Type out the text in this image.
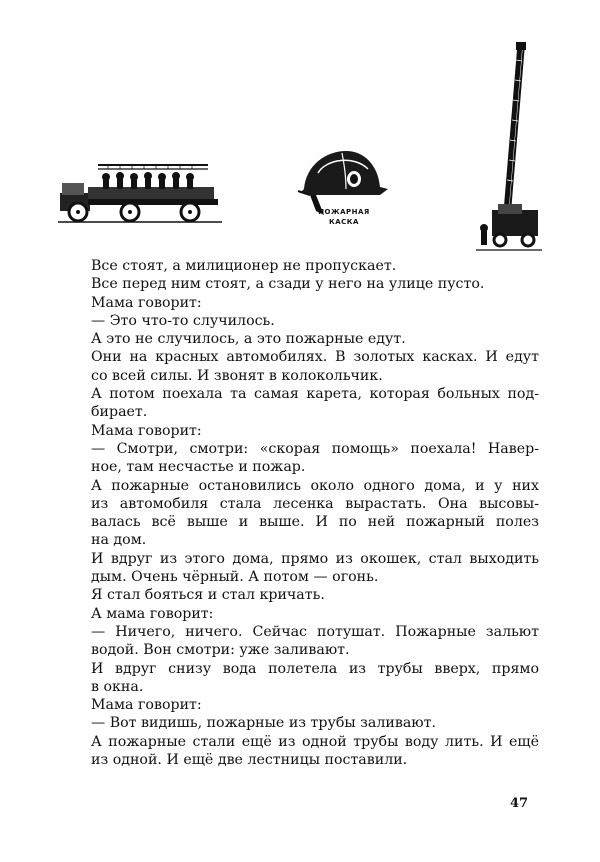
ПОЖАРНАЯ
КАСКА
Все стоят, а милиционер не пропускает.
Все перед ним стоят, а сзади у него на улице пусто.
Мама говорит:
— Это что-то случилось.
А это не случилось, а это пожарные едут.
Они на красных автомобилях. В золотых касках. И едут
со всей силы. И звонят в колокольчик.
А потом поехала та самая карета, которая больных под-
бирает.
Мама говорит:
— Смотри, смотри: «скорая помощь» поехала! Навер-
ное, там несчастье и пожар.
А пожарные остановились около одного дома, и у них
из автомобиля стала лесенка вырастать. Она высовы-
валась всё выше и выше. И по ней пожарный полез
на дом.
И вдруг из этого дома, прямо из окошек, стал выходить
дым. Очень чёрный. А потом — огонь.
Я стал бояться и стал кричать.
А мама говорит:
— Ничего, ничего. Сейчас потушат. Пожарные зальют
водой. Вон смотри: уже заливают.
И вдруг снизу вода полетела из трубы вверх, прямо
в окна.
Мама говорит:
— Вот видишь, пожарные из трубы заливают.
А пожарные стали ещё из одной трубы воду лить. И ещё
из одной. И ещё две лестницы поставили.
47
